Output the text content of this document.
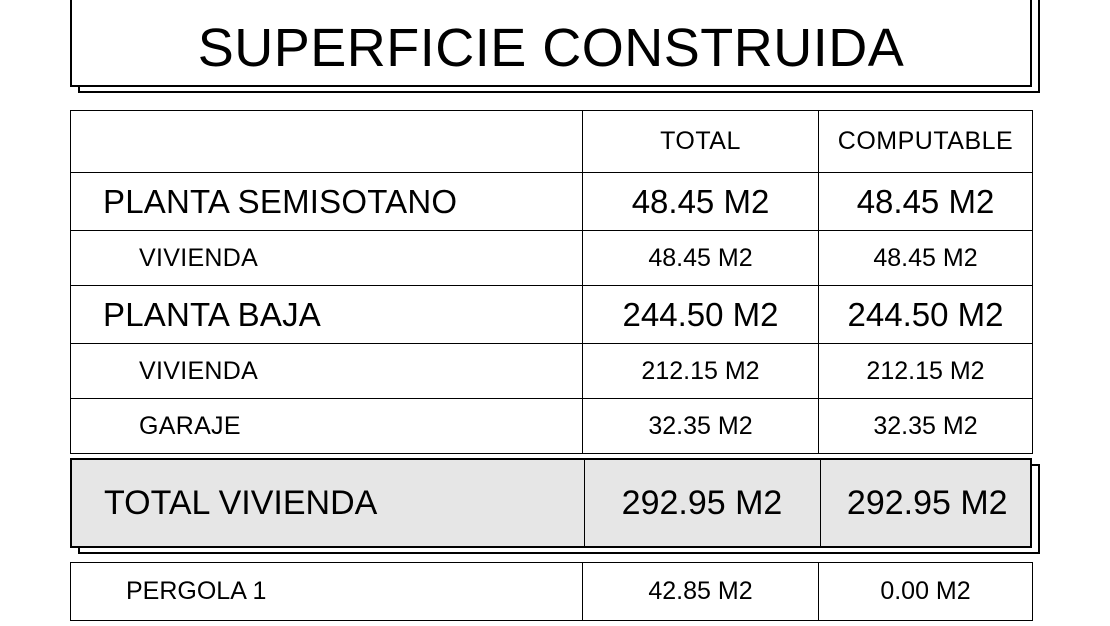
SUPERFICIE CONSTRUIDA
	TOTAL	COMPUTABLE
PLANTA SEMISOTANO	48.45 M2	48.45 M2
VIVIENDA	48.45 M2	48.45 M2
PLANTA BAJA	244.50 M2	244.50 M2
VIVIENDA	212.15 M2	212.15 M2
GARAJE	32.35 M2	32.35 M2
TOTAL VIVIENDA	292.95 M2	292.95 M2
PERGOLA 1	42.85 M2	0.00 M2
